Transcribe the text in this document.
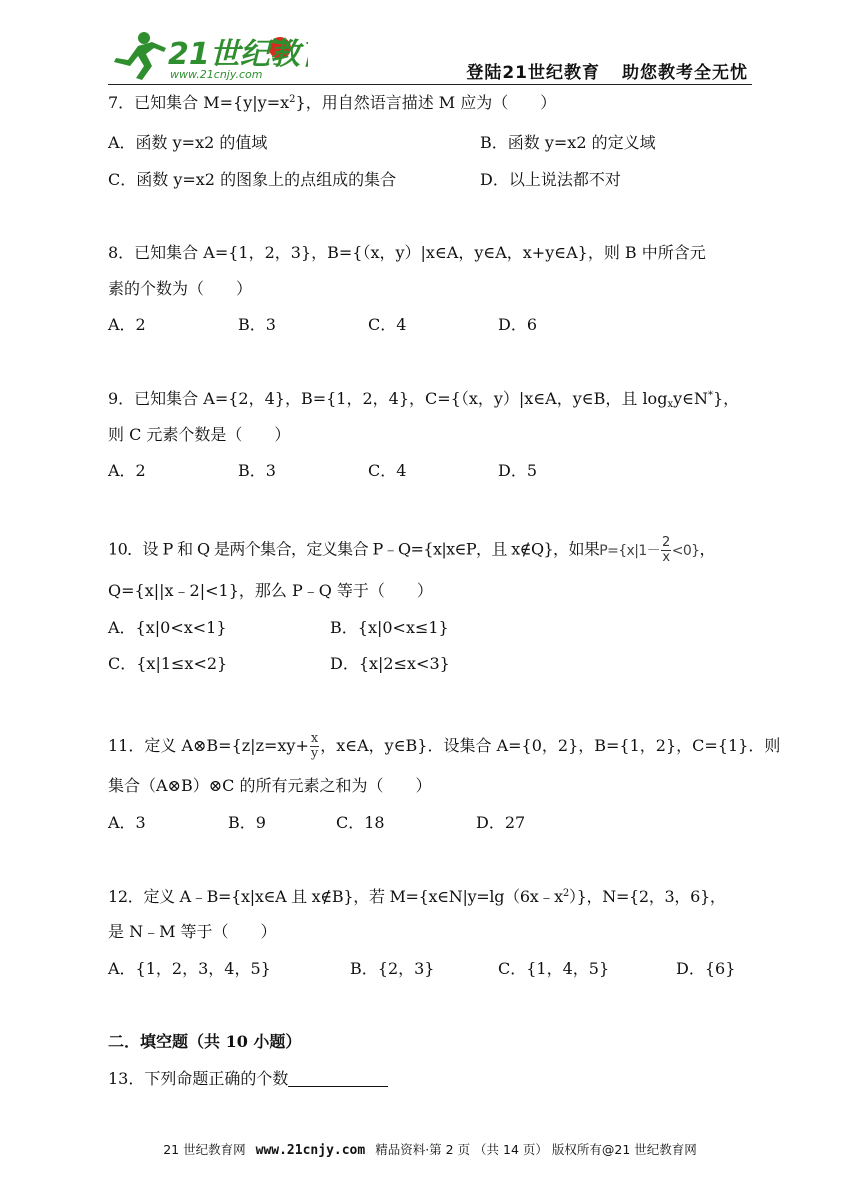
21世纪教
www.21cnjy.com	登陆21世纪教育 助您教考全无忧
7．已知集合 $M=\{y|y=x^2\}$，用自然语言描述 M 应为（　　）
A．函数 y=x2 的值域	B．函数 y=x2 的定义域
C．函数 y=x2 的图象上的点组成的集合	D．以上说法都不对
8．已知集合 A={1，2，3}，B={（x，y）|x∈A，y∈A，x+y∈A}，则 B 中所含元
素的个数为（　　）
A．2	B．3	C．4	D．6
9．已知集合 A={2，4}，B={1，2，4}，C={（x，y）|x∈A，y∈B，且 $\log_xy\in N^*$}，
则 C 元素个数是（　　）
A．2	B．3	C．4	D．5
10．设 P 和 Q 是两个集合，定义集合 P﹣Q={x|x∈P，且 x∉Q}，如果$P=\{x|1- \frac{2}{x} <0\}$，
Q={x||x﹣2|<1}，那么 P﹣Q 等于（　　）
A．{x|0<x<1}	B．{x|0<x≤1}
C．{x|1≤x<2}	D．{x|2≤x<3}
11．定义 A⊗B={z|z=xy+ $\frac{x}{y}$ ，x∈A，y∈B}．设集合 A={0，2}，B={1，2}，C={1}．则
集合（A⊗B）⊗C 的所有元素之和为（　　）
A．3	B．9	C．18	D．27
12．定义 A﹣B={x|x∈A 且 x∉B}，若 $M=\{x\in N|y=\lg(6x﹣x^2)\}$，N={2，3，6}，
是 N﹣M 等于（　　）
A．{1，2，3，4，5}	B．{2，3}	C．{1，4，5}	D．{6}
二．填空题（共 10 小题）
13．下列命题正确的个数
21 世纪教育网 www.21cnjy.com 精品资料·第 2 页 （共 14 页） 版权所有@21 世纪教育网
